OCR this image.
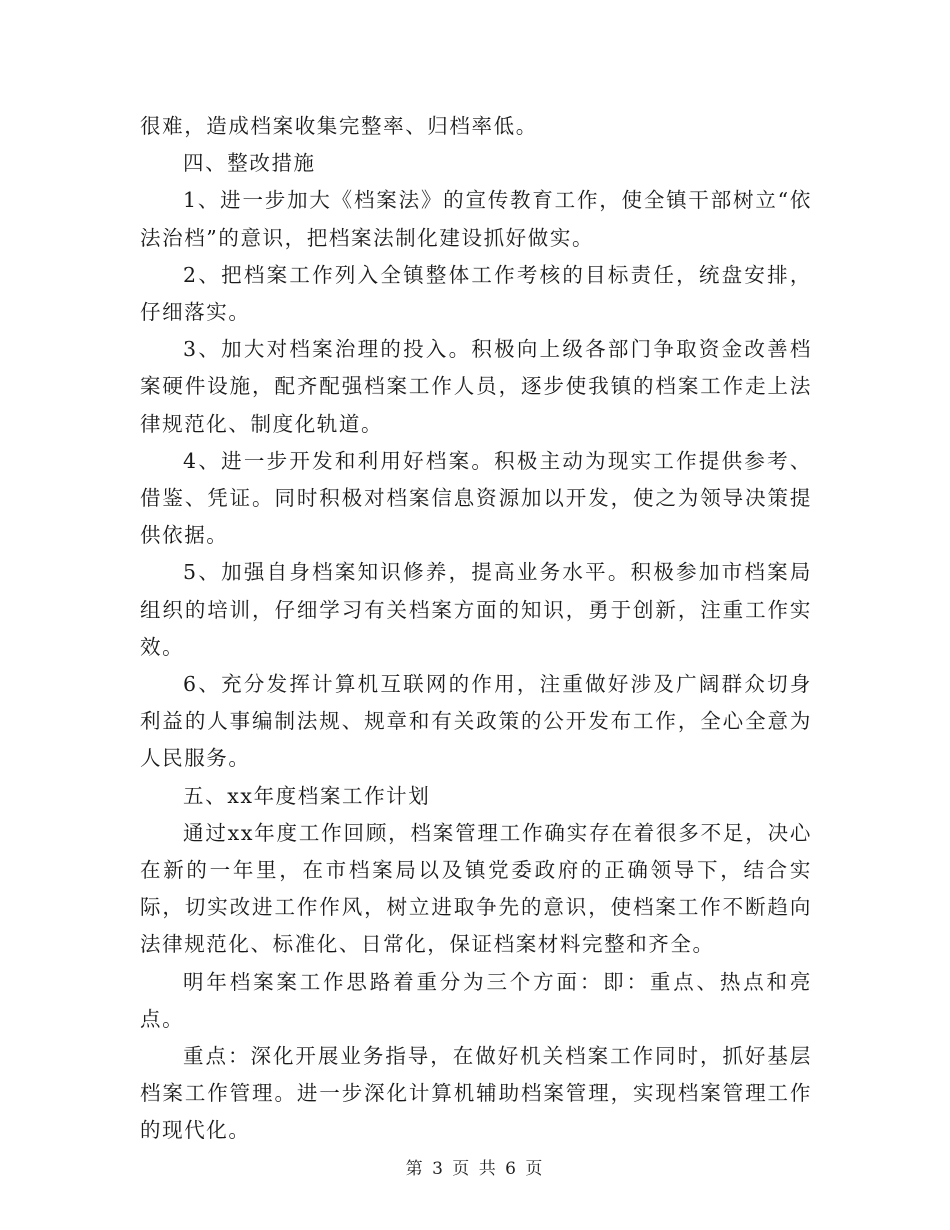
很难，造成档案收集完整率、归档率低。

四、整改措施

1、进一步加大《档案法》的宣传教育工作，使全镇干部树立“依法治档”的意识，把档案法制化建设抓好做实。

2、把档案工作列入全镇整体工作考核的目标责任，统盘安排，仔细落实。

3、加大对档案治理的投入。积极向上级各部门争取资金改善档案硬件设施，配齐配强档案工作人员，逐步使我镇的档案工作走上法律规范化、制度化轨道。

4、进一步开发和利用好档案。积极主动为现实工作提供参考、借鉴、凭证。同时积极对档案信息资源加以开发，使之为领导决策提供依据。

5、加强自身档案知识修养，提高业务水平。积极参加市档案局组织的培训，仔细学习有关档案方面的知识，勇于创新，注重工作实效。

6、充分发挥计算机互联网的作用，注重做好涉及广阔群众切身利益的人事编制法规、规章和有关政策的公开发布工作，全心全意为人民服务。

五、xx年度档案工作计划

通过xx年度工作回顾，档案管理工作确实存在着很多不足，决心在新的一年里，在市档案局以及镇党委政府的正确领导下，结合实际，切实改进工作作风，树立进取争先的意识，使档案工作不断趋向法律规范化、标准化、日常化，保证档案材料完整和齐全。

明年档案案工作思路着重分为三个方面：即：重点、热点和亮点。

重点：深化开展业务指导，在做好机关档案工作同时，抓好基层档案工作管理。进一步深化计算机辅助档案管理，实现档案管理工作的现代化。

第 3 页 共 6 页
